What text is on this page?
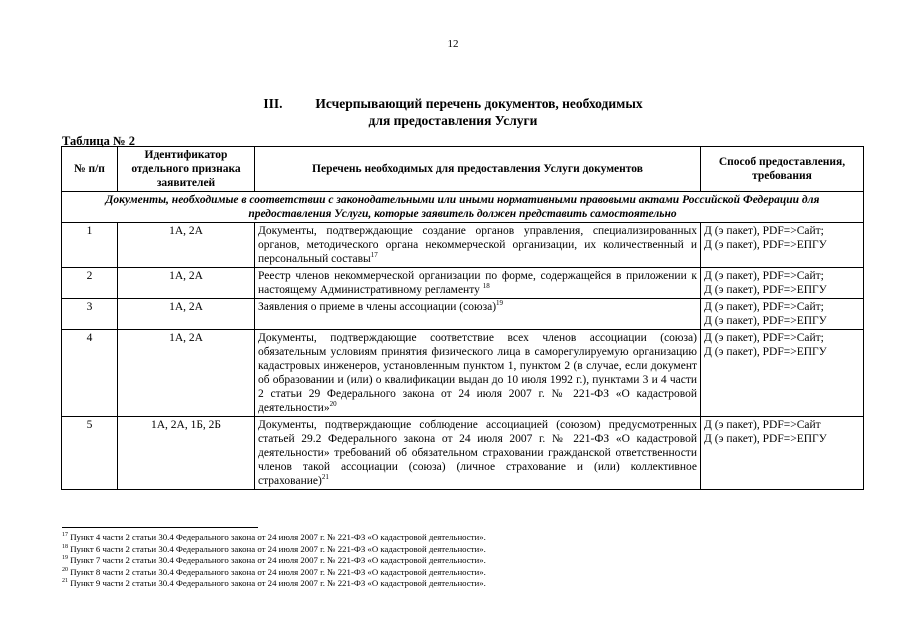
12
III. Исчерпывающий перечень документов, необходимых
для предоставления Услуги
Таблица № 2
№ п/п	Идентификатор отдельного признака заявителей	Перечень необходимых для предоставления Услуги документов	Способ предоставления, требования
Документы, необходимые в соответствии с законодательными или иными нормативными правовыми актами Российской Федерации для предоставления Услуги, которые заявитель должен представить самостоятельно			
1	1А, 2А	Документы, подтверждающие создание органов управления, специализированных органов, методического органа некоммерческой организации, их количественный и персональный составы$^{17}$	Д (э пакет), PDF=>Сайт;
Д (э пакет), PDF=>ЕПГУ

2	1А, 2А	Реестр членов некоммерческой организации по форме, содержащейся в приложении к настоящему Административному регламенту $^{18}$	Д (э пакет), PDF=>Сайт;
Д (э пакет), PDF=>ЕПГУ

3	1А, 2А	Заявления о приеме в члены ассоциации (союза)$^{19}$	Д (э пакет), PDF=>Сайт;
Д (э пакет), PDF=>ЕПГУ

4	1А, 2А	Документы, подтверждающие соответствие всех членов ассоциации (союза) обязательным условиям принятия физического лица в саморегулируемую организацию кадастровых инженеров, установленным пунктом 1, пунктом 2 (в случае, если документ об образовании и (или) о квалификации выдан до 10 июля 1992 г.), пунктами 3 и 4 части 2 статьи 29 Федерального закона от 24 июля 2007 г. № 221-ФЗ «О кадастровой деятельности»$^{20}$	Д (э пакет), PDF=>Сайт;
Д (э пакет), PDF=>ЕПГУ

5	1А, 2А, 1Б, 2Б	Документы, подтверждающие соблюдение ассоциацией (союзом) предусмотренных статьей 29.2 Федерального закона от 24 июля 2007 г. № 221-ФЗ «О кадастровой деятельности» требований об обязательном страховании гражданской ответственности членов такой ассоциации (союза) (личное страхование и (или) коллективное страхование)$^{21}$	Д (э пакет), PDF=>Сайт
Д (э пакет), PDF=>ЕПГУ
$^{17}$ Пункт 4 части 2 статьи 30.4 Федерального закона от 24 июля 2007 г. № 221-ФЗ «О кадастровой деятельности».
$^{18}$ Пункт 6 части 2 статьи 30.4 Федерального закона от 24 июля 2007 г. № 221-ФЗ «О кадастровой деятельности».
$^{19}$ Пункт 7 части 2 статьи 30.4 Федерального закона от 24 июля 2007 г. № 221-ФЗ «О кадастровой деятельности».
$^{20}$ Пункт 8 части 2 статьи 30.4 Федерального закона от 24 июля 2007 г. № 221-ФЗ «О кадастровой деятельности».
$^{21}$ Пункт 9 части 2 статьи 30.4 Федерального закона от 24 июля 2007 г. № 221-ФЗ «О кадастровой деятельности».
